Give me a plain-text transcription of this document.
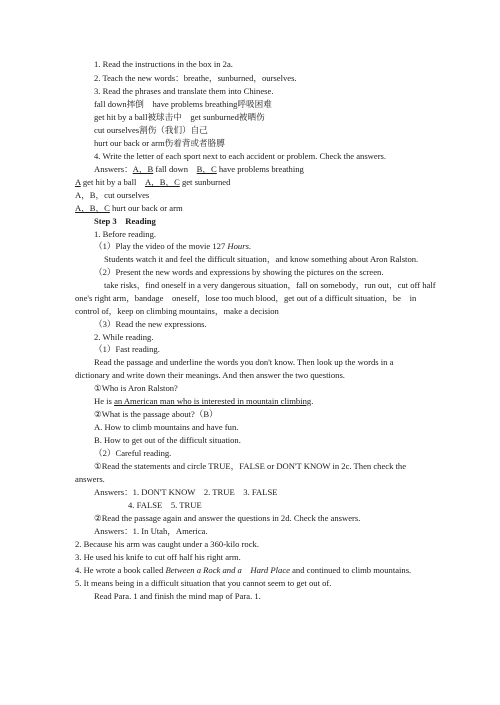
1. Read the instructions in the box in 2a.
2. Teach the new words：breathe，sunburned，ourselves.
3. Read the phrases and translate them into Chinese.
fall down摔倒　have problems breathing呼吸困难
get hit by a ball被球击中　get sunburned被晒伤
cut ourselves割伤（我们）自己
hurt our back or arm伤着背或者胳膊
4. Write the letter of each sport next to each accident or problem. Check the answers.
Answers：A，B fall down　B，C have problems breathing
A get hit by a ball　A，B，C get sunburned
A，B，cut ourselves
A，B，C hurt our back or arm
Step 3　Reading
1. Before reading.
（1）Play the video of the movie 127 Hours.
Students watch it and feel the difficult situation，and know something about Aron Ralston.
（2）Present the new words and expressions by showing the pictures on the screen.
take risks，find oneself in a very dangerous situation，fall on somebody，run out，cut off half
one's right arm，bandage　oneself，lose too much blood，get out of a difficult situation，be　in
control of，keep on climbing mountains，make a decision
（3）Read the new expressions.
2. While reading.
（1）Fast reading.
Read the passage and underline the words you don't know. Then look up the words in a
dictionary and write down their meanings. And then answer the two questions.
①Who is Aron Ralston?
He is an American man who is interested in mountain climbing.
②What is the passage about?（B）
A. How to climb mountains and have fun.
B. How to get out of the difficult situation.
（2）Careful reading.
①Read the statements and circle TRUE，FALSE or DON'T KNOW in 2c. Then check the
answers.
Answers：1. DON'T KNOW　2. TRUE　3. FALSE
4. FALSE　5. TRUE
②Read the passage again and answer the questions in 2d. Check the answers.
Answers：1. In Utah，America.
2. Because his arm was caught under a 360-kilo rock.
3. He used his knife to cut off half his right arm.
4. He wrote a book called Between a Rock and a　Hard Place and continued to climb mountains.
5. It means being in a difficult situation that you cannot seem to get out of.
Read Para. 1 and finish the mind map of Para. 1.
